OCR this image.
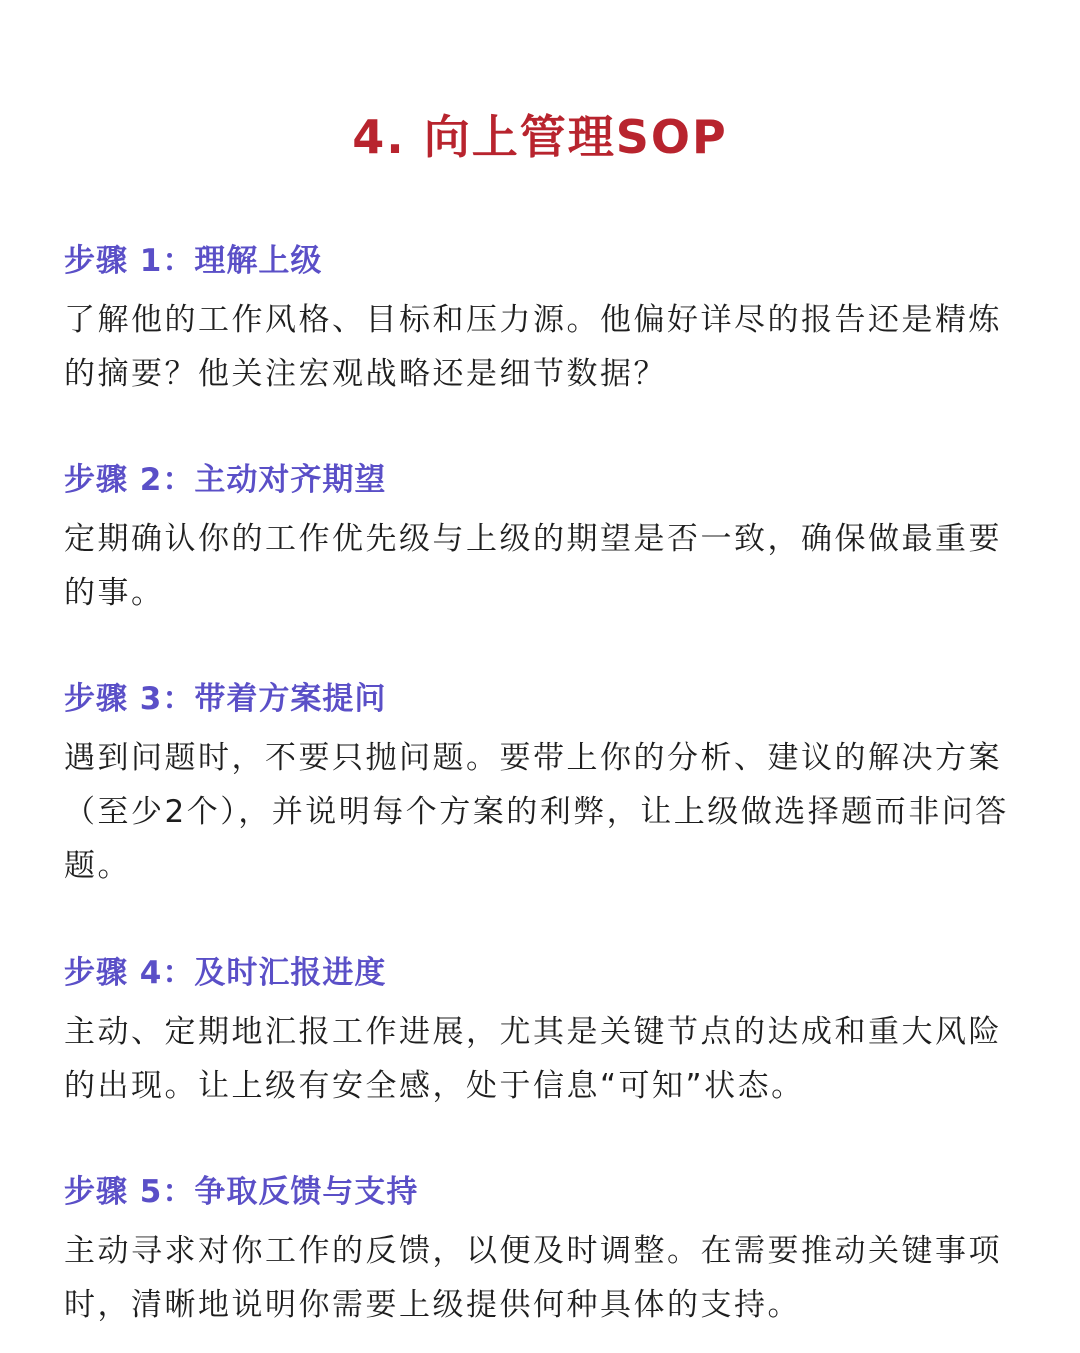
4. 向上管理SOP
步骤 1：理解上级
了解他的工作风格、目标和压力源。他偏好详尽的报告还是精炼的摘要？他关注宏观战略还是细节数据？
步骤 2：主动对齐期望
定期确认你的工作优先级与上级的期望是否一致，确保做最重要的事。
步骤 3：带着方案提问
遇到问题时，不要只抛问题。要带上你的分析、建议的解决方案（至少2个），并说明每个方案的利弊，让上级做选择题而非问答题。
步骤 4：及时汇报进度
主动、定期地汇报工作进展，尤其是关键节点的达成和重大风险的出现。让上级有安全感，处于信息“可知”状态。
步骤 5：争取反馈与支持
主动寻求对你工作的反馈，以便及时调整。在需要推动关键事项时，清晰地说明你需要上级提供何种具体的支持。
